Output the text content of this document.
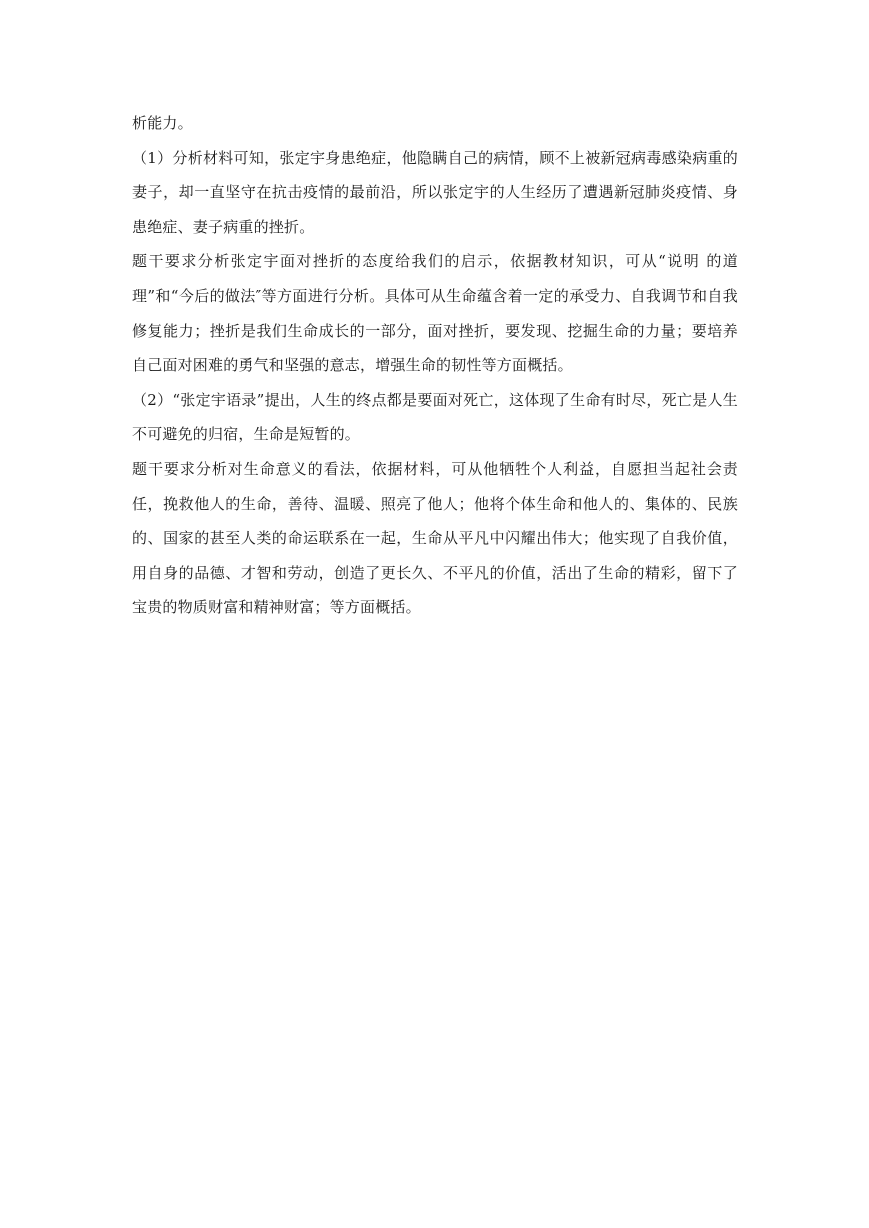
析能力。

（1）分析材料可知，张定宇身患绝症，他隐瞒自己的病情，顾不上被新冠病毒感染病重的妻子，却一直坚守在抗击疫情的最前沿，所以张定宇的人生经历了遭遇新冠肺炎疫情、身患绝症、妻子病重的挫折。

题干要求分析张定宇面对挫折的态度给我们的启示，依据教材知识，可从“说明 的道理”和“今后的做法″等方面进行分析。具体可从生命蕴含着一定的承受力、自我调节和自我修复能力；挫折是我们生命成长的一部分，面对挫折，要发现、挖掘生命的力量；要培养自己面对困难的勇气和坚强的意志，增强生命的韧性等方面概括。

（2）“张定宇语录”提出，人生的终点都是要面对死亡，这体现了生命有时尽，死亡是人生不可避免的归宿，生命是短暂的。

题干要求分析对生命意义的看法，依据材料，可从他牺牲个人利益，自愿担当起社会责任，挽救他人的生命，善待、温暖、照亮了他人；他将个体生命和他人的、集体的、民族的、国家的甚至人类的命运联系在一起，生命从平凡中闪耀出伟大；他实现了自我价值，用自身的品德、才智和劳动，创造了更长久、不平凡的价值，活出了生命的精彩，留下了宝贵的物质财富和精神财富；等方面概括。
